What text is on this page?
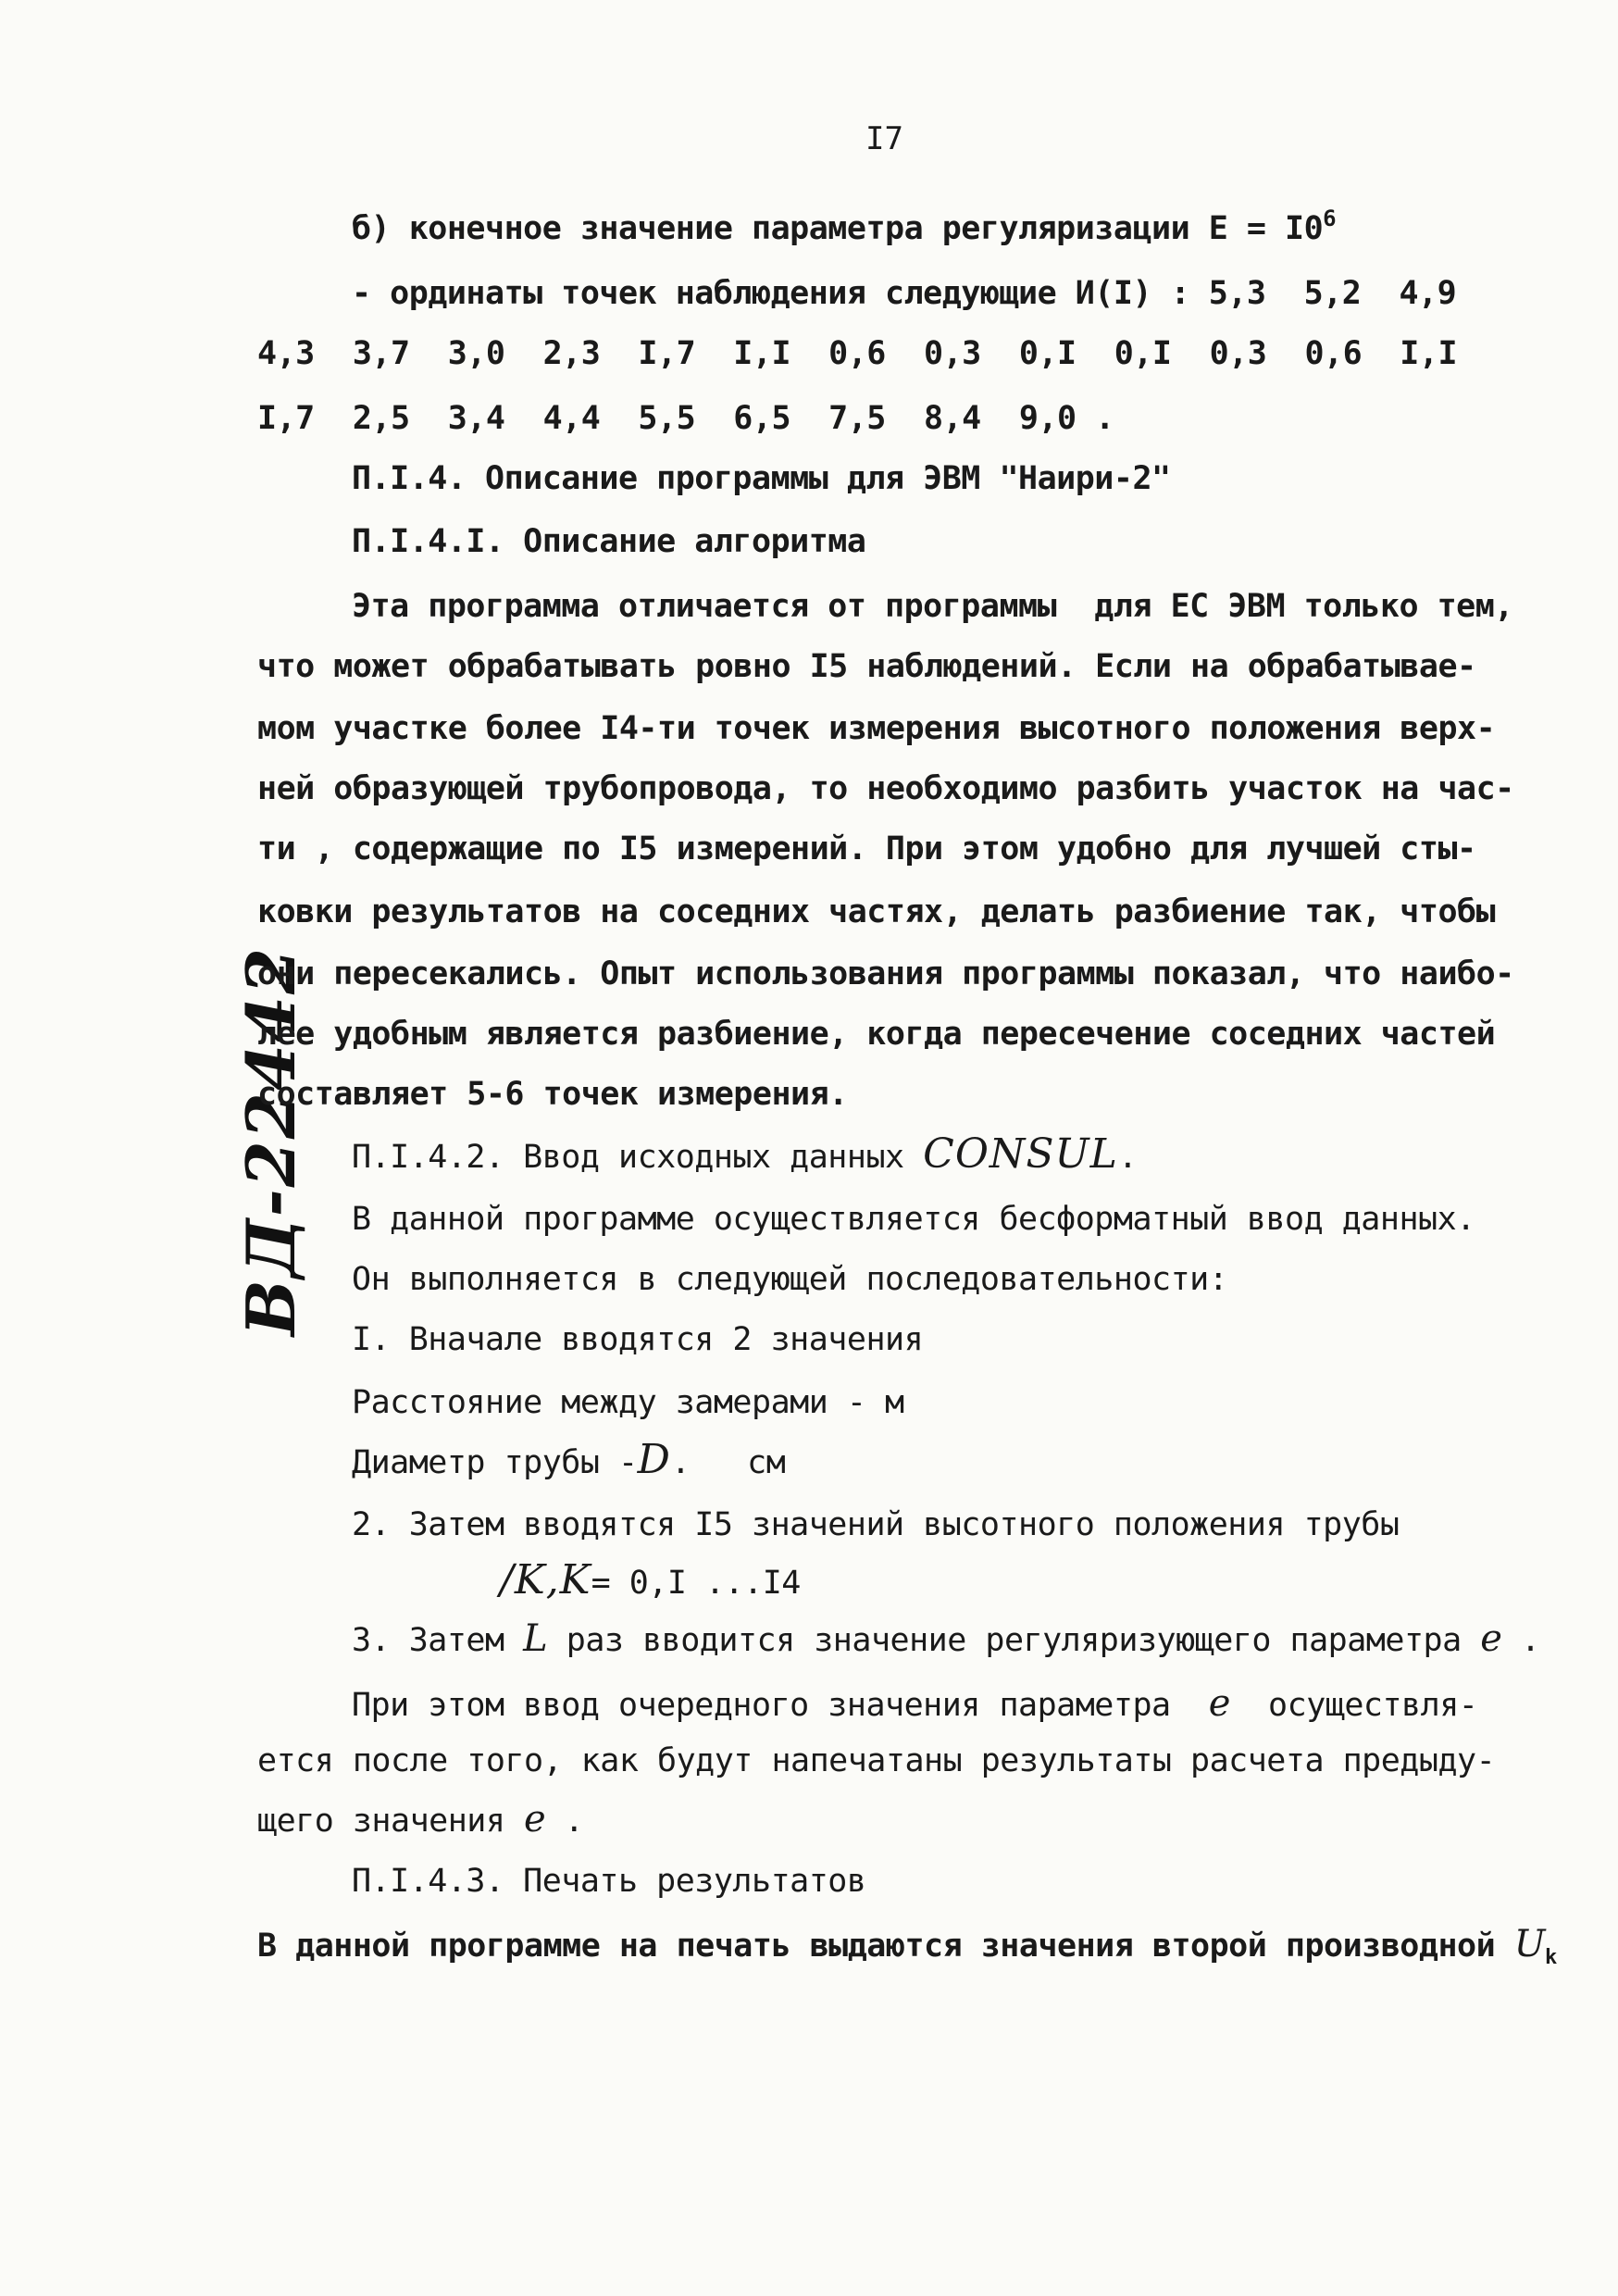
I7
ВД-22442
б) конечное значение параметра регуляризации $Е = I0^6$
- ординаты точек наблюдения следующие И(I) : 5,3  5,2  4,9
4,3  3,7  3,0  2,3  I,7  I,I  0,6  0,3  0,I  0,I  0,3  0,6  I,I
I,7  2,5  3,4  4,4  5,5  6,5  7,5  8,4  9,0 .
П.I.4. Описание программы для ЭВМ "Наири-2"
П.I.4.I. Описание алгоритма
Эта программа отличается от программы  для ЕС ЭВМ только тем,
что может обрабатывать ровно I5 наблюдений. Если на обрабатывае-
мом участке более I4-ти точек измерения высотного положения верх-
ней образующей трубопровода, то необходимо разбить участок на час-
ти , содержащие по I5 измерений. При этом удобно для лучшей сты-
ковки результатов на соседних частях, делать разбиение так, чтобы
они пересекались. Опыт использования программы показал, что наибо-
лее удобным является разбиение, когда пересечение соседних частей
составляет 5-6 точек измерения.
П.I.4.2. Ввод исходных данных CONSUL.
В данной программе осуществляется бесформатный ввод данных.
Он выполняется в следующей последовательности:
I. Вначале вводятся 2 значения
Расстояние между замерами - м
Диаметр трубы -D.   см
2. Затем вводятся I5 значений высотного положения трубы
/K,K= 0,I ...I4
3. Затем L раз вводится значение регуляризующего параметра e .
При этом ввод очередного значения параметра  e  осуществля-
ется после того, как будут напечатаны результаты расчета предыду-
щего значения e .
П.I.4.3. Печать результатов
В данной программе на печать выдаются значения второй производной $U_k$
